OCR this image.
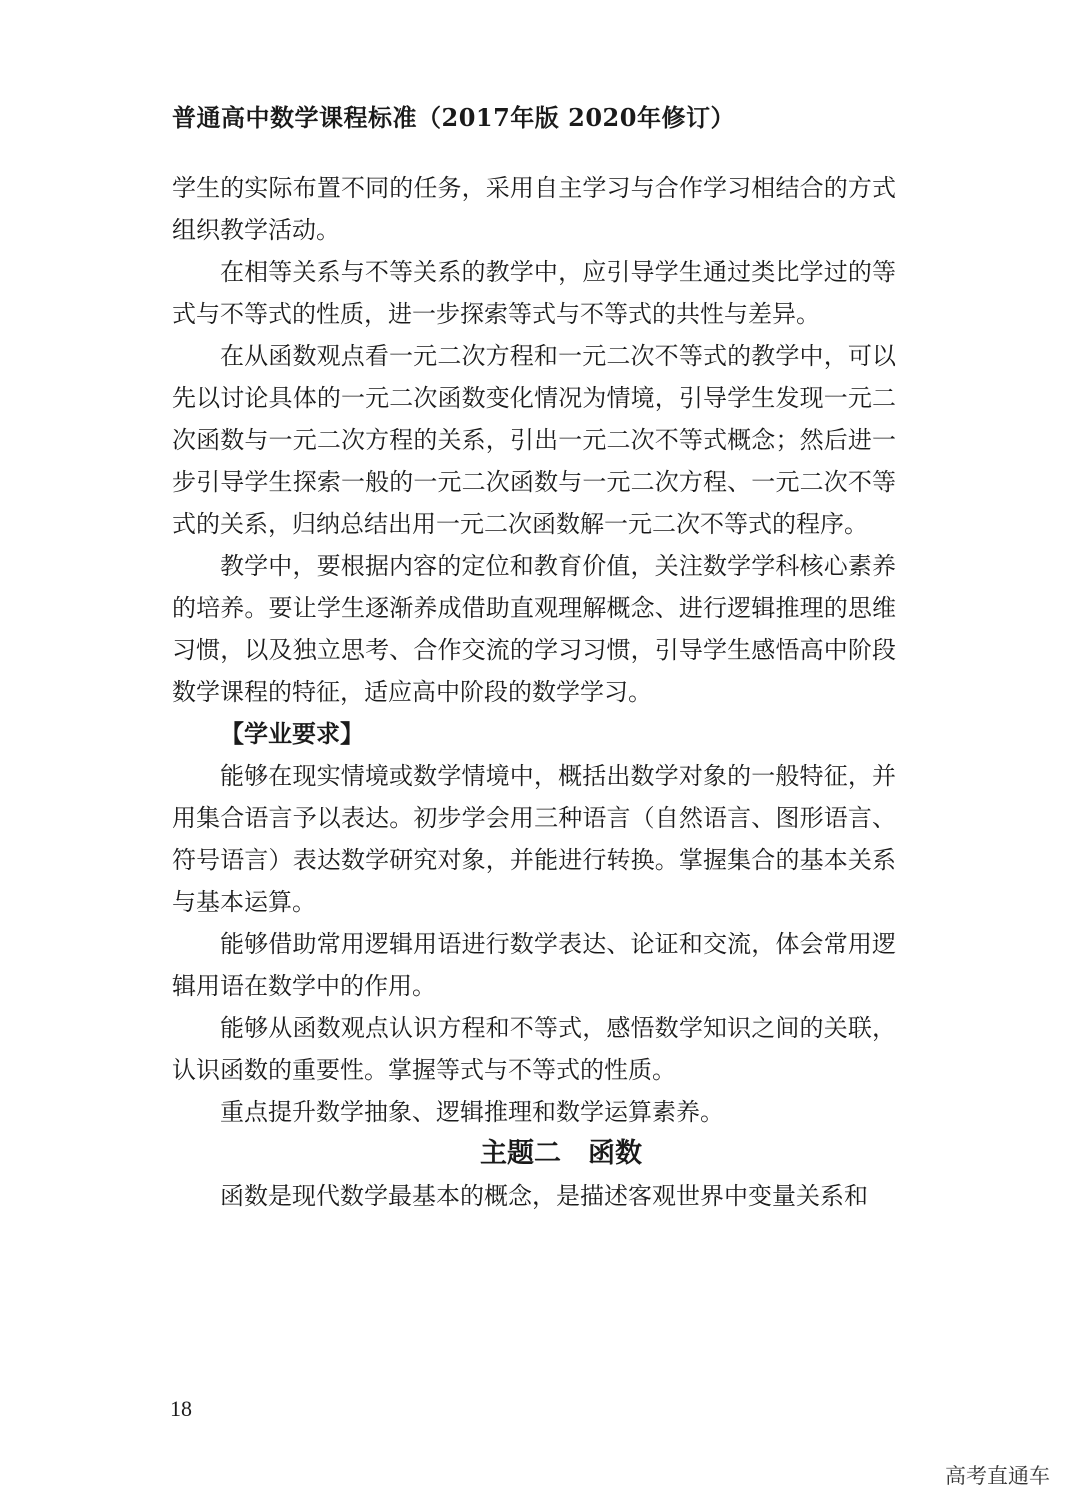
普通高中数学课程标准（2017年版 2020年修订）

学生的实际布置不同的任务，采用自主学习与合作学习相结合的方式组织教学活动。

在相等关系与不等关系的教学中，应引导学生通过类比学过的等式与不等式的性质，进一步探索等式与不等式的共性与差异。

在从函数观点看一元二次方程和一元二次不等式的教学中，可以先以讨论具体的一元二次函数变化情况为情境，引导学生发现一元二次函数与一元二次方程的关系，引出一元二次不等式概念；然后进一步引导学生探索一般的一元二次函数与一元二次方程、一元二次不等式的关系，归纳总结出用一元二次函数解一元二次不等式的程序。

教学中，要根据内容的定位和教育价值，关注数学学科核心素养的培养。要让学生逐渐养成借助直观理解概念、进行逻辑推理的思维习惯，以及独立思考、合作交流的学习习惯，引导学生感悟高中阶段数学课程的特征，适应高中阶段的数学学习。

【学业要求】

能够在现实情境或数学情境中，概括出数学对象的一般特征，并用集合语言予以表达。初步学会用三种语言（自然语言、图形语言、符号语言）表达数学研究对象，并能进行转换。掌握集合的基本关系与基本运算。

能够借助常用逻辑用语进行数学表达、论证和交流，体会常用逻辑用语在数学中的作用。

能够从函数观点认识方程和不等式，感悟数学知识之间的关联，认识函数的重要性。掌握等式与不等式的性质。

重点提升数学抽象、逻辑推理和数学运算素养。

主题二　函数

函数是现代数学最基本的概念，是描述客观世界中变量关系和

18
高考直通车
